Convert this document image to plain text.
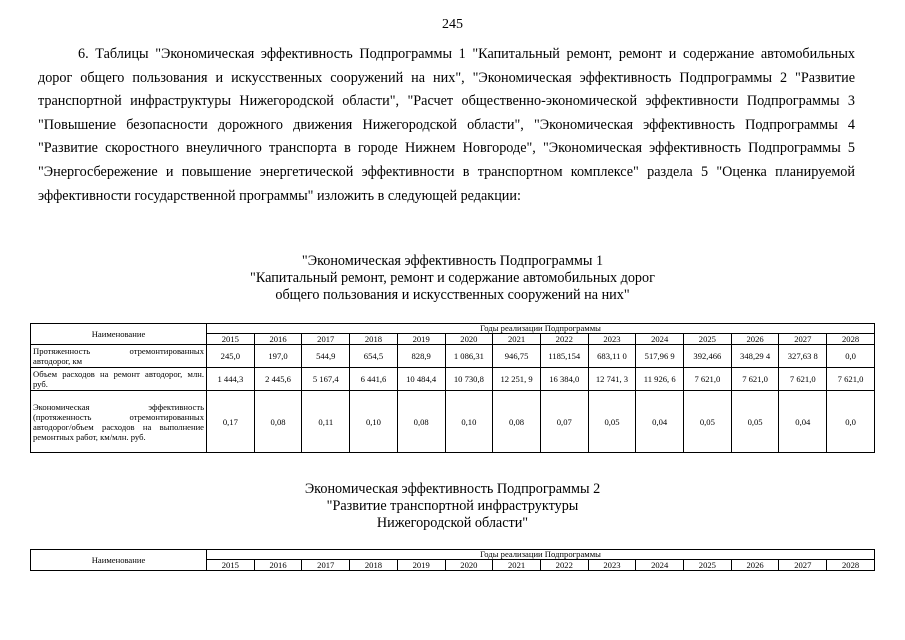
245

6. Таблицы "Экономическая эффективность Подпрограммы 1 "Капитальный ремонт, ремонт и содержание автомобильных дорог общего пользования и искусственных сооружений на них", "Экономическая эффективность Подпрограммы 2 "Развитие транспортной инфраструктуры Нижегородской области", "Расчет общественно-экономической эффективности Подпрограммы 3 "Повышение безопасности дорожного движения Нижегородской области", "Экономическая эффективность Подпрограммы 4 "Развитие скоростного внеуличного транспорта в городе Нижнем Новгороде", "Экономическая эффективность Подпрограммы 5 "Энергосбережение и повышение энергетической эффективности в транспортном комплексе" раздела 5 "Оценка планируемой эффективности государственной программы" изложить в следующей редакции:

"Экономическая эффективность Подпрограммы 1
"Капитальный ремонт, ремонт и содержание автомобильных дорог
общего пользования и искусственных сооружений на них"
Наименование	Годы реализации Подпрограммы													
	2015	2016	2017	2018	2019	2020	2021	2022	2023	2024	2025	2026	2027	2028
Протяженность отремонтированных автодорог, км	245,0	197,0	544,9	654,5	828,9	1 086,31	946,75	1185,154	683,11 0	517,96 9	392,466	348,29 4	327,63 8	0,0
Объем расходов на ремонт автодорог, млн. руб.	1 444,3	2 445,6	5 167,4	6 441,6	10 484,4	10 730,8	12 251, 9	16 384,0	12 741, 3	11 926, 6	7 621,0	7 621,0	7 621,0	7 621,0
Экономическая эффективность (протяженность отремонтированных автодорог/объем расходов на выполнение ремонтных работ, км/млн. руб.	0,17	0,08	0,11	0,10	0,08	0,10	0,08	0,07	0,05	0,04	0,05	0,05	0,04	0,0
Экономическая эффективность Подпрограммы 2
"Развитие транспортной инфраструктуры
Нижегородской области"
Наименование	Годы реализации Подпрограммы													
	2015	2016	2017	2018	2019	2020	2021	2022	2023	2024	2025	2026	2027	2028
